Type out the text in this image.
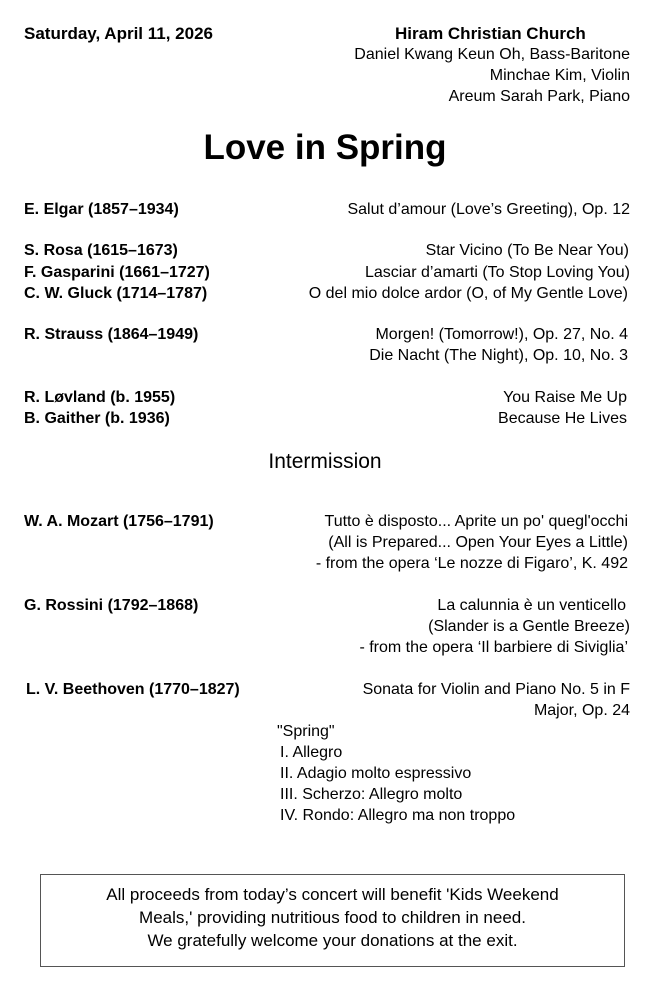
Saturday, April 11, 2026	Hiram Christian Church
Daniel Kwang Keun Oh, Bass-Baritone
Minchae Kim, Violin
Areum Sarah Park, Piano
Love in Spring
E. Elgar (1857–1934)	Salut d’amour (Love’s Greeting), Op. 12
S. Rosa (1615–1673)	Star Vicino (To Be Near You)
F. Gasparini (1661–1727)	Lasciar d’amarti (To Stop Loving You)
C. W. Gluck (1714–1787)	O del mio dolce ardor (O, of My Gentle Love)
R. Strauss (1864–1949)	Morgen! (Tomorrow!), Op. 27, No. 4
Die Nacht (The Night), Op. 10, No. 3
R. Løvland (b. 1955)	You Raise Me Up
B. Gaither (b. 1936)	Because He Lives
Intermission
W. A. Mozart (1756–1791)	Tutto è disposto... Aprite un po' quegl'occhi
(All is Prepared... Open Your Eyes a Little)
- from the opera ‘Le nozze di Figaro’, K. 492
G. Rossini (1792–1868)	La calunnia è un venticello
(Slander is a Gentle Breeze)
- from the opera ‘Il barbiere di Siviglia’
L. V. Beethoven (1770–1827)	Sonata for Violin and Piano No. 5 in F
Major, Op. 24
"Spring"
I. Allegro
II. Adagio molto espressivo
III. Scherzo: Allegro molto
IV. Rondo: Allegro ma non troppo
All proceeds from today’s concert will benefit 'Kids Weekend
Meals,' providing nutritious food to children in need.
We gratefully welcome your donations at the exit.
